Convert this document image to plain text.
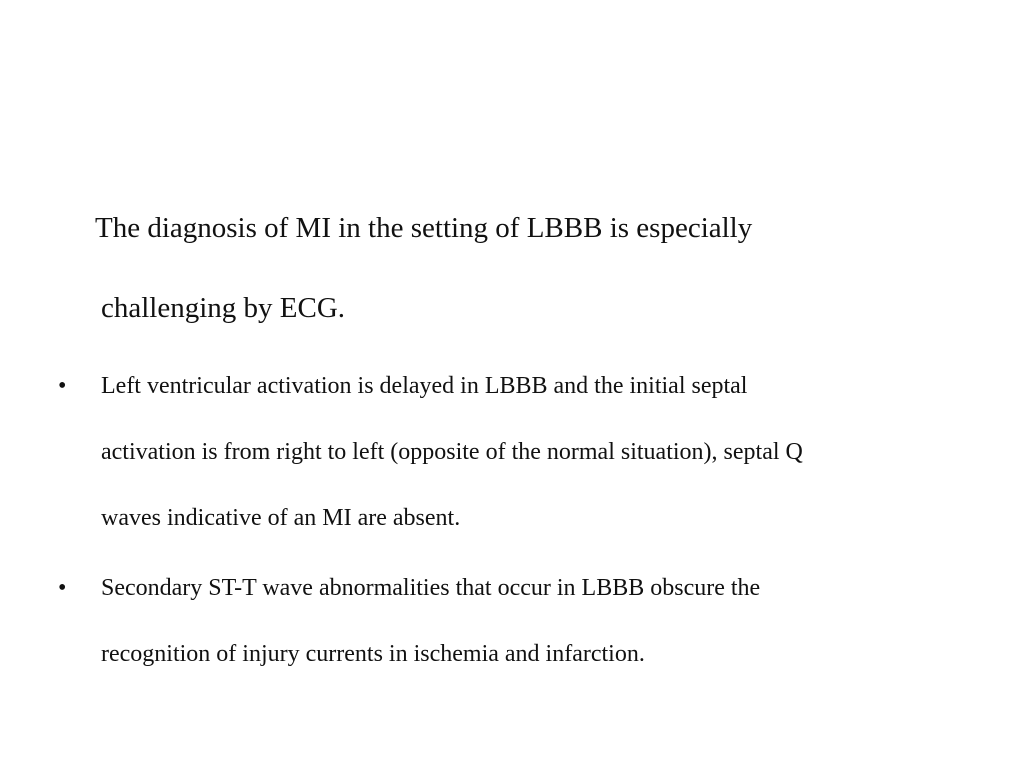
The diagnosis of MI in the setting of LBBB is especially
challenging by ECG.
• Left ventricular activation is delayed in LBBB and the initial septal
activation is from right to left (opposite of the normal situation), septal Q
waves indicative of an MI are absent.
• Secondary ST-T wave abnormalities that occur in LBBB obscure the
recognition of injury currents in ischemia and infarction.
